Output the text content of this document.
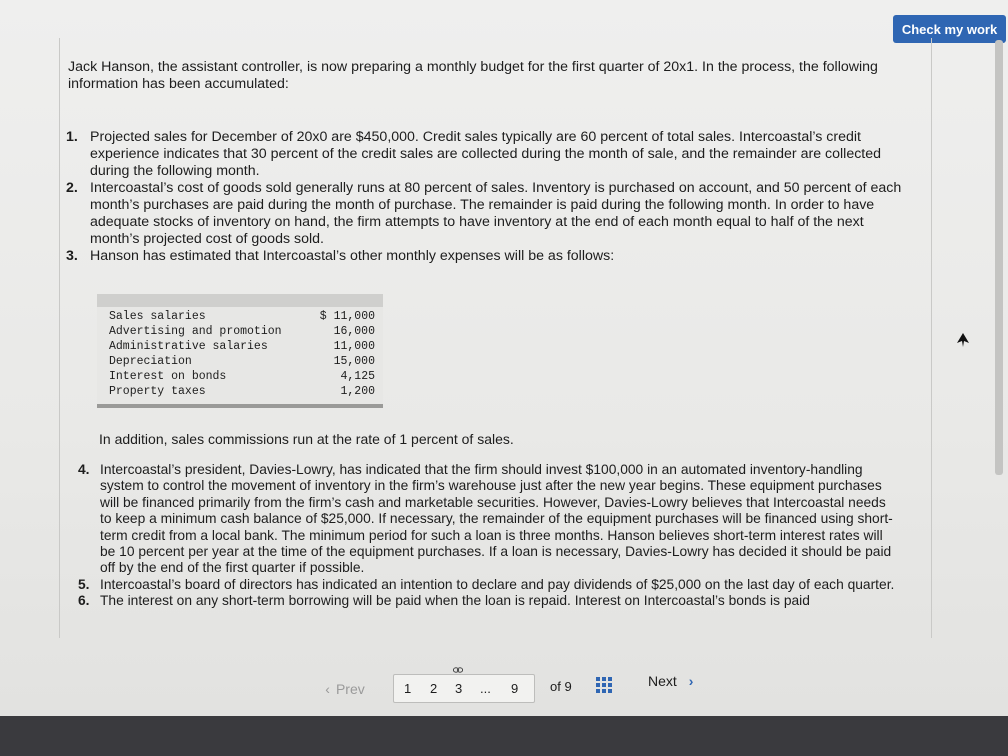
Check my work
Jack Hanson, the assistant controller, is now preparing a monthly budget for the first quarter of 20x1. In the process, the following information has been accumulated:
1. Projected sales for December of 20x0 are $450,000. Credit sales typically are 60 percent of total sales. Intercoastal’s credit experience indicates that 30 percent of the credit sales are collected during the month of sale, and the remainder are collected during the following month.
2. Intercoastal’s cost of goods sold generally runs at 80 percent of sales. Inventory is purchased on account, and 50 percent of each month’s purchases are paid during the month of purchase. The remainder is paid during the following month. In order to have adequate stocks of inventory on hand, the firm attempts to have inventory at the end of each month equal to half of the next month’s projected cost of goods sold.
3. Hanson has estimated that Intercoastal’s other monthly expenses will be as follows:
Sales salaries	$ 11,000
Advertising and promotion	16,000
Administrative salaries	11,000
Depreciation	15,000
Interest on bonds	4,125
Property taxes	1,200
In addition, sales commissions run at the rate of 1 percent of sales.
4. Intercoastal’s president, Davies-Lowry, has indicated that the firm should invest $100,000 in an automated inventory-handling system to control the movement of inventory in the firm’s warehouse just after the new year begins. These equipment purchases will be financed primarily from the firm’s cash and marketable securities. However, Davies-Lowry believes that Intercoastal needs to keep a minimum cash balance of $25,000. If necessary, the remainder of the equipment purchases will be financed using short-term credit from a local bank. The minimum period for such a loan is three months. Hanson believes short-term interest rates will be 10 percent per year at the time of the equipment purchases. If a loan is necessary, Davies-Lowry has decided it should be paid off by the end of the first quarter if possible.
5. Intercoastal’s board of directors has indicated an intention to declare and pay dividends of $25,000 on the last day of each quarter.
6. The interest on any short-term borrowing will be paid when the loan is repaid. Interest on Intercoastal’s bonds is paid
‹ Prev	1 2 3 ... 9 of 9	Next ›
